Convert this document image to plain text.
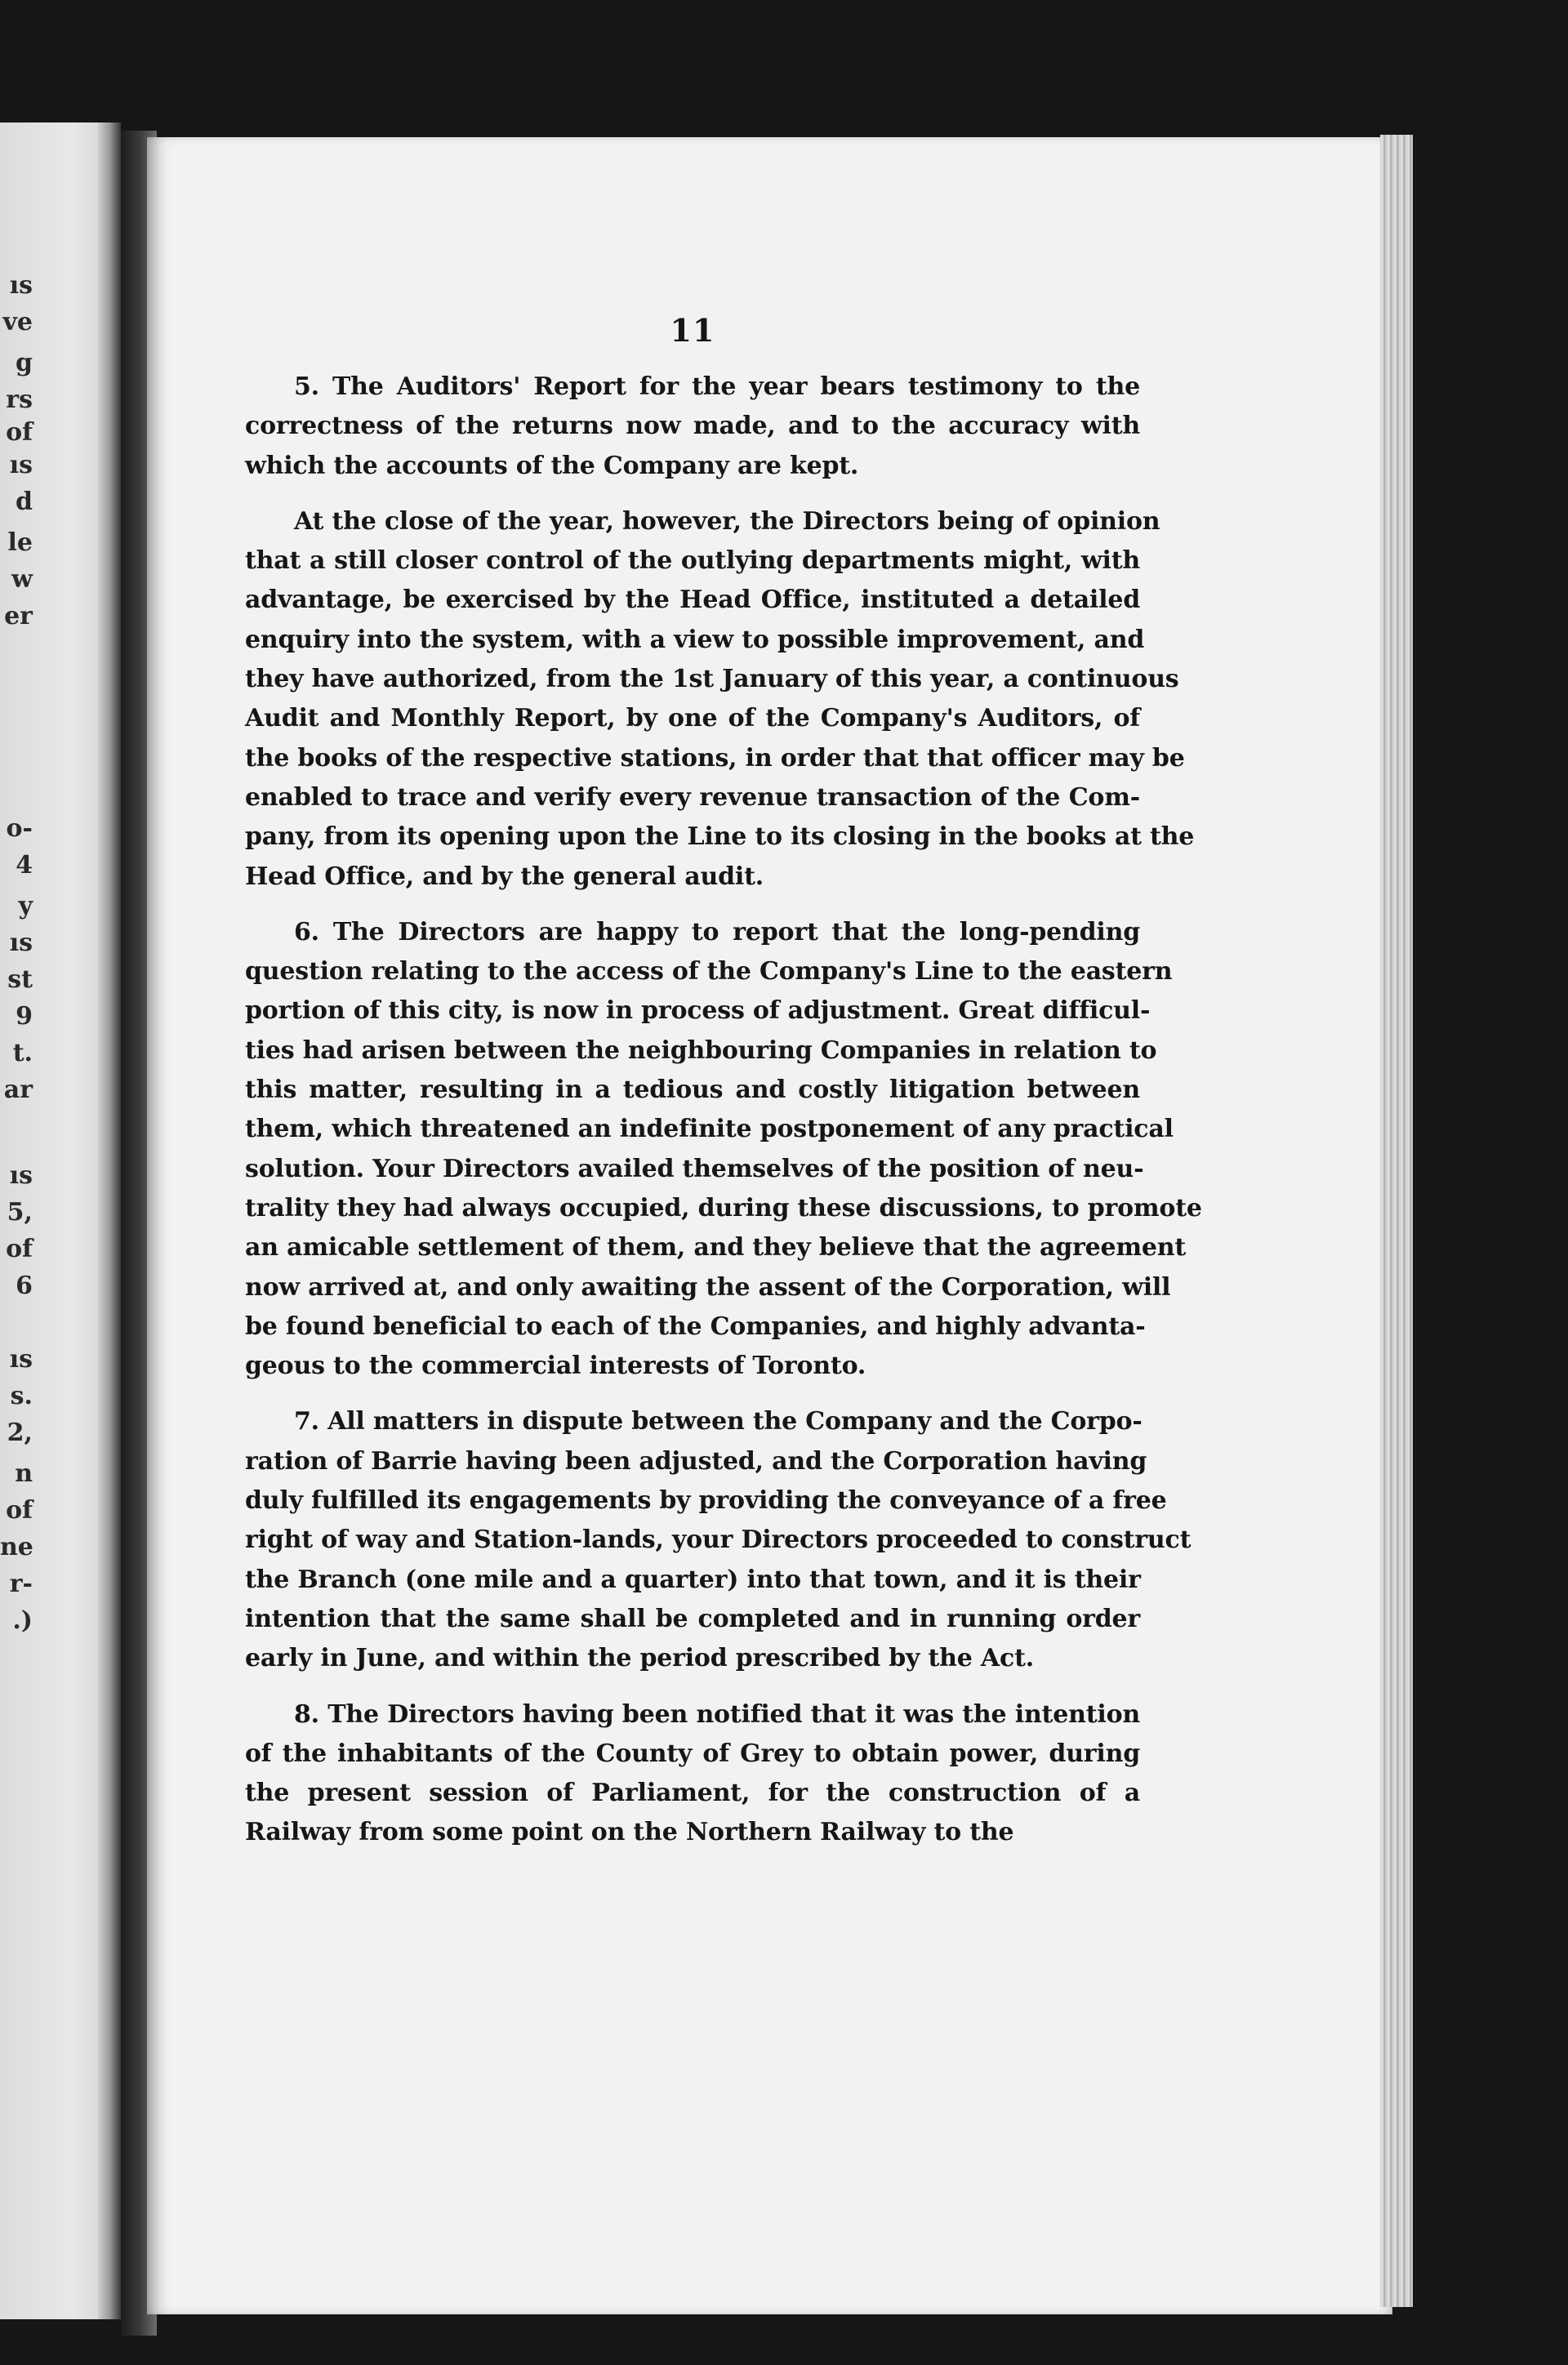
ıs
ve
g
rs
of
ıs
d
le
w
er
o-
4
y
ıs
st
9
t.
ar
ıs
5,
of
6
ıs
s.
2,
n
of
ne
r-
.)
11
5. The Auditors' Report for the year bears testimony to the
correctness of the returns now made, and to the accuracy with
which the accounts of the Company are kept.
At the close of the year, however, the Directors being of opinion
that a still closer control of the outlying departments might, with
advantage, be exercised by the Head Office, instituted a detailed
enquiry into the system, with a view to possible improvement, and
they have authorized, from the 1st January of this year, a continuous
Audit and Monthly Report, by one of the Company's Auditors, of
the books of the respective stations, in order that that officer may be
enabled to trace and verify every revenue transaction of the Com-
pany, from its opening upon the Line to its closing in the books at the
Head Office, and by the general audit.
6. The Directors are happy to report that the long-pending
question relating to the access of the Company's Line to the eastern
portion of this city, is now in process of adjustment. Great difficul-
ties had arisen between the neighbouring Companies in relation to
this matter, resulting in a tedious and costly litigation between
them, which threatened an indefinite postponement of any practical
solution. Your Directors availed themselves of the position of neu-
trality they had always occupied, during these discussions, to promote
an amicable settlement of them, and they believe that the agreement
now arrived at, and only awaiting the assent of the Corporation, will
be found beneficial to each of the Companies, and highly advanta-
geous to the commercial interests of Toronto.
7. All matters in dispute between the Company and the Corpo-
ration of Barrie having been adjusted, and the Corporation having
duly fulfilled its engagements by providing the conveyance of a free
right of way and Station-lands, your Directors proceeded to construct
the Branch (one mile and a quarter) into that town, and it is their
intention that the same shall be completed and in running order
early in June, and within the period prescribed by the Act.
8. The Directors having been notified that it was the intention
of the inhabitants of the County of Grey to obtain power, during
the present session of Parliament, for the construction of a
Railway from some point on the Northern Railway to the
